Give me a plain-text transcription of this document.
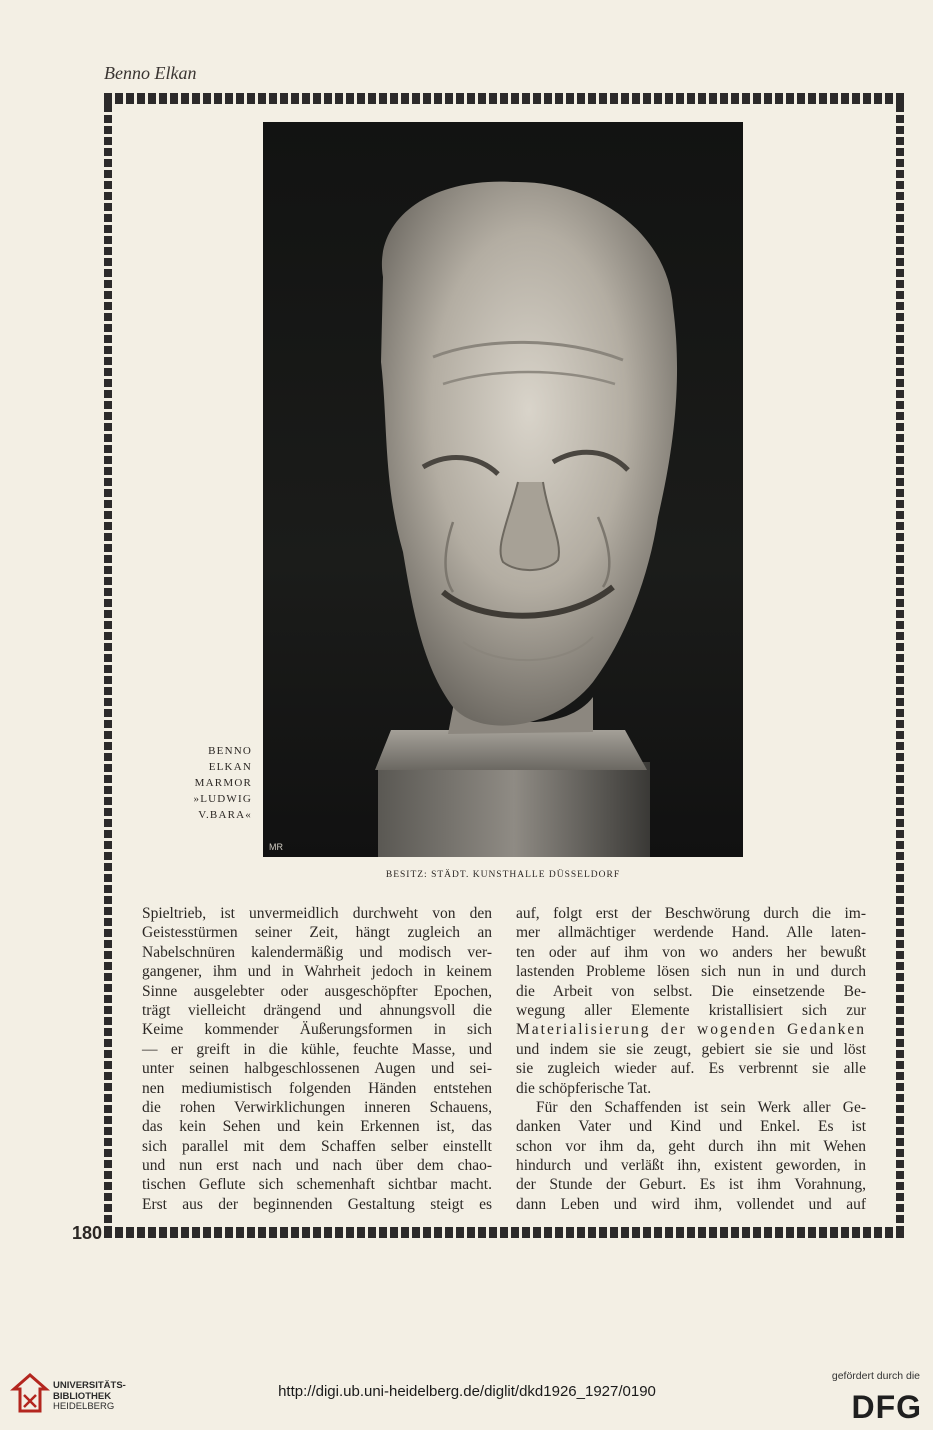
Benno Elkan
180
MR
BENNO
ELKAN
MARMOR
»LUDWIG
V.BARA«
BESITZ: STÄDT. KUNSTHALLE DÜSSELDORF
Spieltrieb, ist unvermeidlich durchweht von den
Geistesstürmen seiner Zeit, hängt zugleich an
Nabelschnüren kalendermäßig und modisch ver-
gangener, ihm und in Wahrheit jedoch in keinem
Sinne ausgelebter oder ausgeschöpfter Epochen,
trägt vielleicht drängend und ahnungsvoll die
Keime kommender Äußerungsformen in sich
— er greift in die kühle, feuchte Masse, und
unter seinen halbgeschlossenen Augen und sei-
nen mediumistisch folgenden Händen entstehen
die rohen Verwirklichungen inneren Schauens,
das kein Sehen und kein Erkennen ist, das
sich parallel mit dem Schaffen selber einstellt
und nun erst nach und nach über dem chao-
tischen Geflute sich schemenhaft sichtbar macht.
Erst aus der beginnenden Gestaltung steigt es
auf, folgt erst der Beschwörung durch die im-
mer allmächtiger werdende Hand. Alle laten-
ten oder auf ihm von wo anders her bewußt
lastenden Probleme lösen sich nun in und durch
die Arbeit von selbst. Die einsetzende Be-
wegung aller Elemente kristallisiert sich zur
Materialisierung der wogenden Gedanken
und indem sie sie zeugt, gebiert sie sie und löst
sie zugleich wieder auf. Es verbrennt sie alle
die schöpferische Tat.
Für den Schaffenden ist sein Werk aller Ge-
danken Vater und Kind und Enkel. Es ist
schon vor ihm da, geht durch ihn mit Wehen
hindurch und verläßt ihn, existent geworden, in
der Stunde der Geburt. Es ist ihm Vorahnung,
dann Leben und wird ihm, vollendet und auf
UNIVERSITÄTS-
BIBLIOTHEK
HEIDELBERG
http://digi.ub.uni-heidelberg.de/diglit/dkd1926_1927/0190
gefördert durch die
DFG
